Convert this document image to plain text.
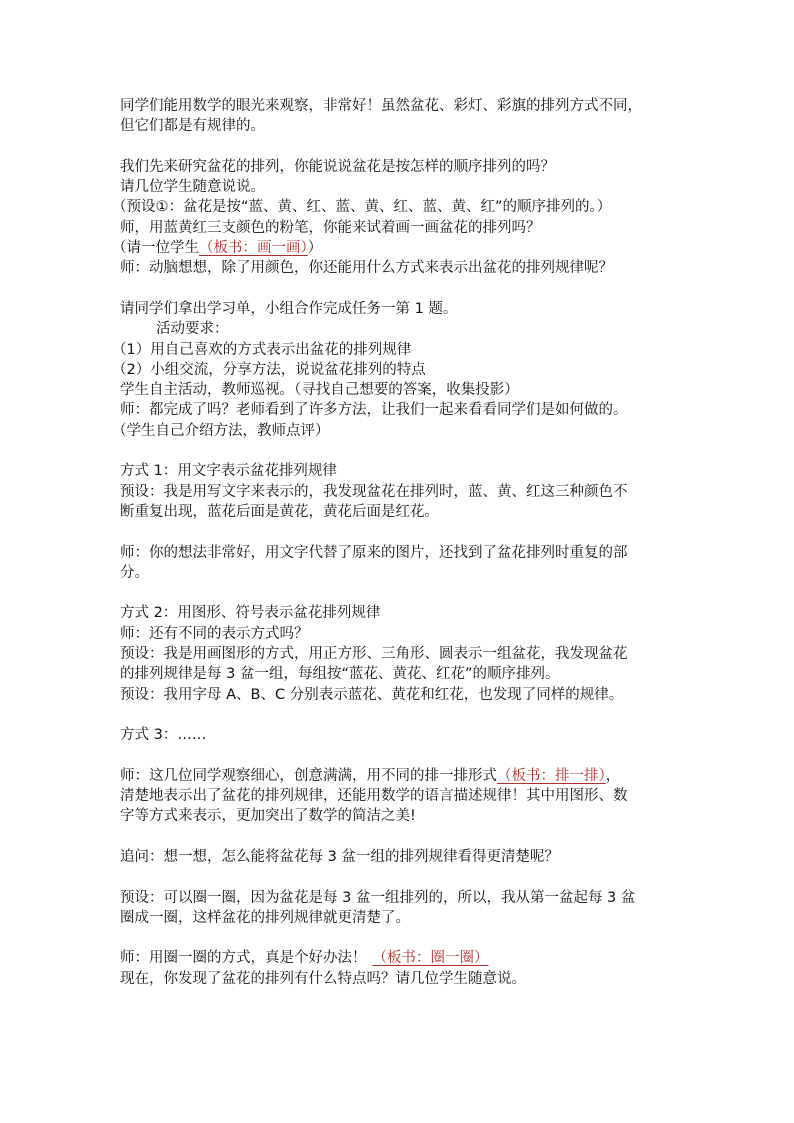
同学们能用数学的眼光来观察，非常好！虽然盆花、彩灯、彩旗的排列方式不同，
但它们都是有规律的。
我们先来研究盆花的排列，你能说说盆花是按怎样的顺序排列的吗？
请几位学生随意说说。
（预设①：盆花是按“蓝、黄、红、蓝、黄、红、蓝、黄、红”的顺序排列的。）
师，用蓝黄红三支颜色的粉笔，你能来试着画一画盆花的排列吗？
（请一位学生（板书：画一画））
师：动脑想想，除了用颜色，你还能用什么方式来表示出盆花的排列规律呢？
请同学们拿出学习单，小组合作完成任务一第 1 题。
活动要求：
（1）用自己喜欢的方式表示出盆花的排列规律
（2）小组交流，分享方法，说说盆花排列的特点
学生自主活动，教师巡视。（寻找自己想要的答案，收集投影）
师：都完成了吗？老师看到了许多方法，让我们一起来看看同学们是如何做的。
（学生自己介绍方法，教师点评）
方式 1：用文字表示盆花排列规律
预设：我是用写文字来表示的，我发现盆花在排列时，蓝、黄、红这三种颜色不
断重复出现，蓝花后面是黄花，黄花后面是红花。
师：你的想法非常好，用文字代替了原来的图片，还找到了盆花排列时重复的部
分。
方式 2：用图形、符号表示盆花排列规律
师：还有不同的表示方式吗？
预设：我是用画图形的方式，用正方形、三角形、圆表示一组盆花，我发现盆花
的排列规律是每 3 盆一组，每组按“蓝花、黄花、红花”的顺序排列。
预设：我用字母 A、B、C 分别表示蓝花、黄花和红花，也发现了同样的规律。
方式 3：……
师：这几位同学观察细心，创意满满，用不同的排一排形式（板书：排一排），
清楚地表示出了盆花的排列规律，还能用数学的语言描述规律！其中用图形、数
字等方式来表示，更加突出了数学的简洁之美!
追问：想一想，怎么能将盆花每 3 盆一组的排列规律看得更清楚呢？
预设：可以圈一圈，因为盆花是每 3 盆一组排列的，所以，我从第一盆起每 3 盆
圈成一圈，这样盆花的排列规律就更清楚了。
师：用圈一圈的方式，真是个好办法！ （板书：圈一圈）
现在，你发现了盆花的排列有什么特点吗？请几位学生随意说。
